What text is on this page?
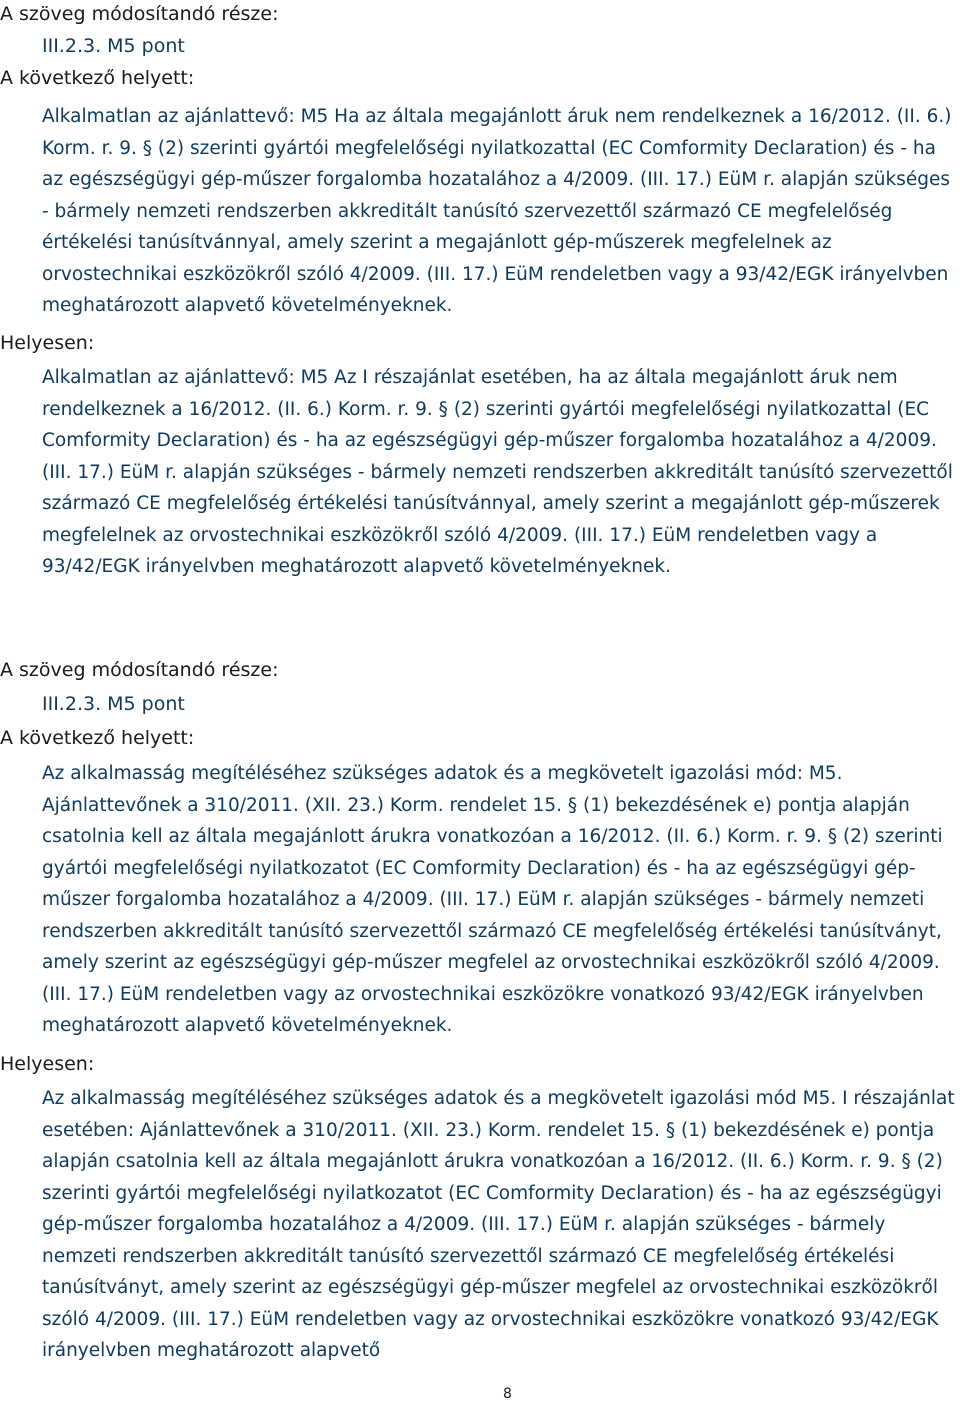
A szöveg módosítandó része:
III.2.3. M5 pont
A következő helyett:

Alkalmatlan az ajánlattevő: M5 Ha az általa megajánlott áruk nem rendelkeznek a 16/2012. (II. 6.) Korm. r. 9. § (2) szerinti gyártói megfelelőségi nyilatkozattal (EC Comformity Declaration) és - ha az egészségügyi gép-műszer forgalomba hozatalához a 4/2009. (III. 17.) EüM r. alapján szükséges - bármely nemzeti rendszerben akkreditált tanúsító szervezettől származó CE megfelelőség értékelési tanúsítvánnyal, amely szerint a megajánlott gép-műszerek megfelelnek az orvostechnikai eszközökről szóló 4/2009. (III. 17.) EüM rendeletben vagy a 93/42/EGK irányelvben meghatározott alapvető követelményeknek.

Helyesen:

Alkalmatlan az ajánlattevő: M5 Az I részajánlat esetében, ha az általa megajánlott áruk nem rendelkeznek a 16/2012. (II. 6.) Korm. r. 9. § (2) szerinti gyártói megfelelőségi nyilatkozattal (EC Comformity Declaration) és - ha az egészségügyi gép-műszer forgalomba hozatalához a 4/2009. (III. 17.) EüM r. alapján szükséges - bármely nemzeti rendszerben akkreditált tanúsító szervezettől származó CE megfelelőség értékelési tanúsítvánnyal, amely szerint a megajánlott gép-műszerek megfelelnek az orvostechnikai eszközökről szóló 4/2009. (III. 17.) EüM rendeletben vagy a 93/42/EGK irányelvben meghatározott alapvető követelményeknek.

A szöveg módosítandó része:
III.2.3. M5 pont
A következő helyett:

Az alkalmasság megítéléséhez szükséges adatok és a megkövetelt igazolási mód: M5. Ajánlattevőnek a 310/2011. (XII. 23.) Korm. rendelet 15. § (1) bekezdésének e) pontja alapján csatolnia kell az általa megajánlott árukra vonatkozóan a 16/2012. (II. 6.) Korm. r. 9. § (2) szerinti gyártói megfelelőségi nyilatkozatot (EC Comformity Declaration) és - ha az egészségügyi gép-műszer forgalomba hozatalához a 4/2009. (III. 17.) EüM r. alapján szükséges - bármely nemzeti rendszerben akkreditált tanúsító szervezettől származó CE megfelelőség értékelési tanúsítványt, amely szerint az egészségügyi gép-műszer megfelel az orvostechnikai eszközökről szóló 4/2009. (III. 17.) EüM rendeletben vagy az orvostechnikai eszközökre vonatkozó 93/42/EGK irányelvben meghatározott alapvető követelményeknek.

Helyesen:

Az alkalmasság megítéléséhez szükséges adatok és a megkövetelt igazolási mód M5. I részajánlat esetében: Ajánlattevőnek a 310/2011. (XII. 23.) Korm. rendelet 15. § (1) bekezdésének e) pontja alapján csatolnia kell az általa megajánlott árukra vonatkozóan a 16/2012. (II. 6.) Korm. r. 9. § (2) szerinti gyártói megfelelőségi nyilatkozatot (EC Comformity Declaration) és - ha az egészségügyi gép-műszer forgalomba hozatalához a 4/2009. (III. 17.) EüM r. alapján szükséges - bármely nemzeti rendszerben akkreditált tanúsító szervezettől származó CE megfelelőség értékelési tanúsítványt, amely szerint az egészségügyi gép-műszer megfelel az orvostechnikai eszközökről szóló 4/2009. (III. 17.) EüM rendeletben vagy az orvostechnikai eszközökre vonatkozó 93/42/EGK irányelvben meghatározott alapvető

8
